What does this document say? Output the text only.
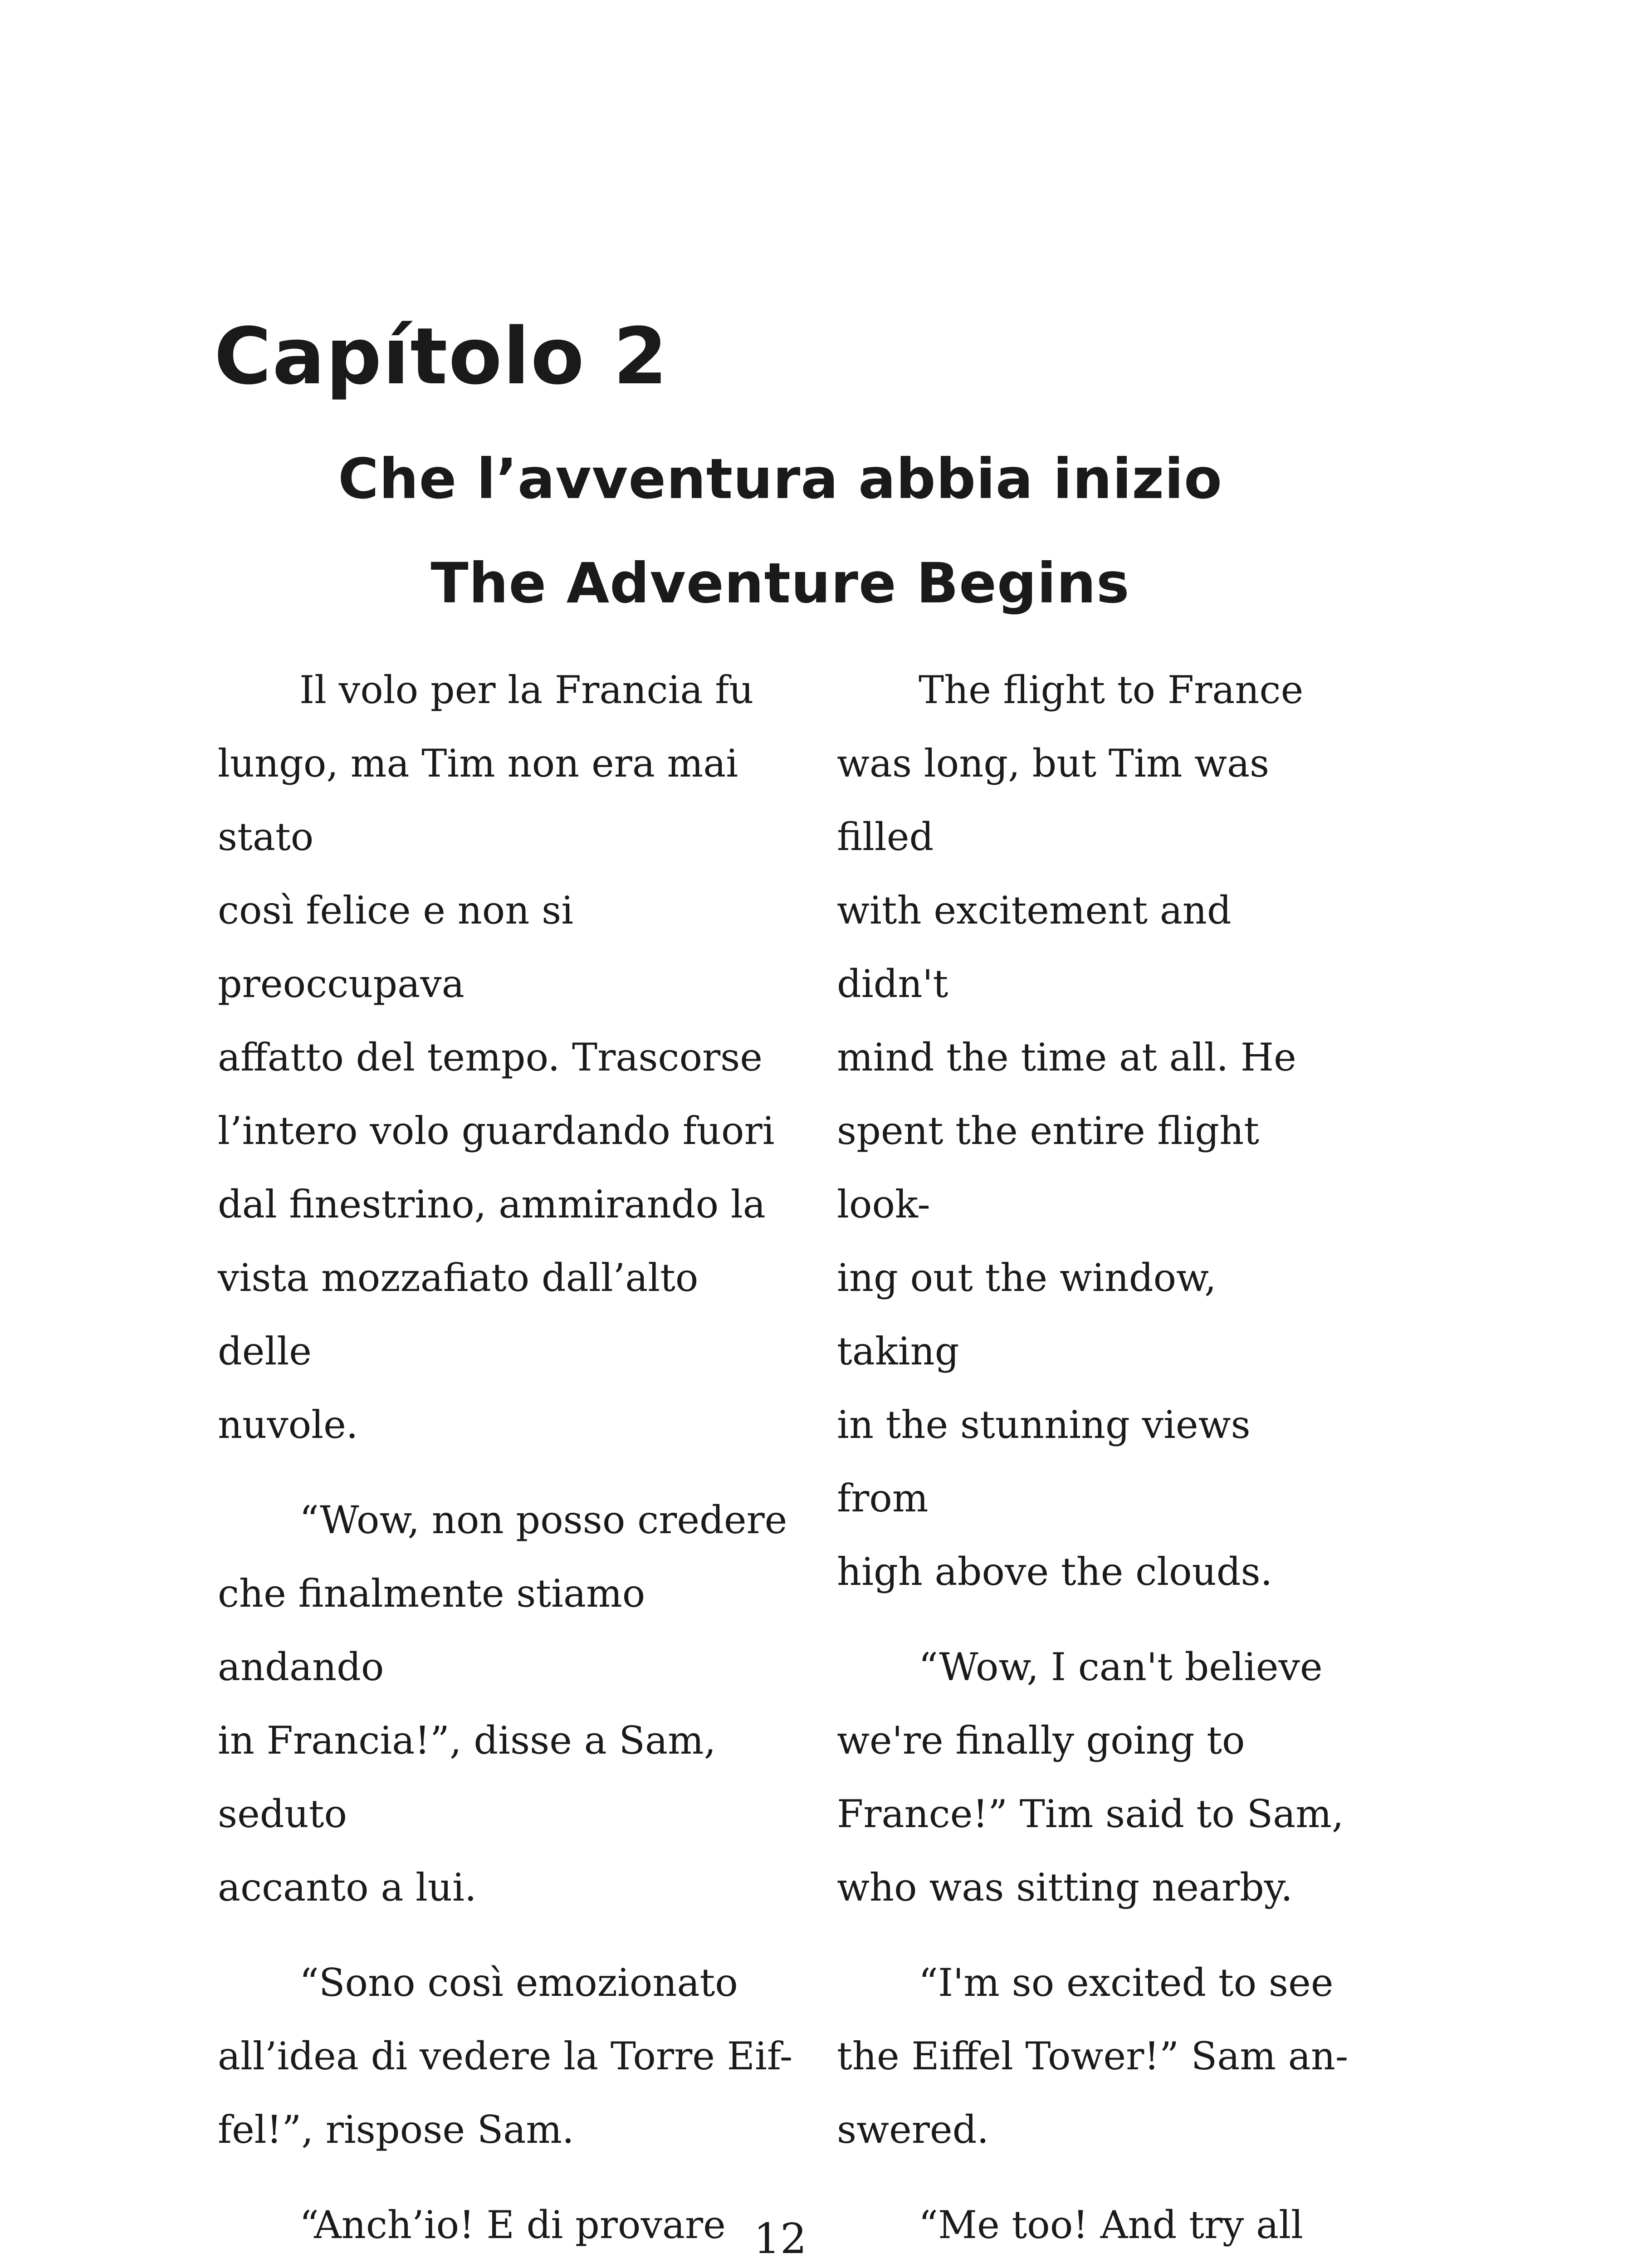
Capítolo 2
Che l’avventura abbia inizio
The Adventure Begins

Il volo per la Francia fu
lungo, ma Tim non era mai stato
così felice e non si preoccupava
affatto del tempo. Trascorse
l’intero volo guardando fuori
dal finestrino, ammirando la
vista mozzafiato dall’alto delle
nuvole.

“Wow, non posso credere
che finalmente stiamo andando
in Francia!”, disse a Sam, seduto
accanto a lui.

“Sono così emozionato
all’idea di vedere la Torre Eif-
fel!”, rispose Sam.

“Anch’io! E di provare

The flight to France
was long, but Tim was filled
with excitement and didn't
mind the time at all. He
spent the entire flight look-
ing out the window, taking
in the stunning views from
high above the clouds.

“Wow, I can't believe
we're finally going to
France!” Tim said to Sam,
who was sitting nearby.

“I'm so excited to see
the Eiffel Tower!” Sam an-
swered.

“Me too! And try all

12
